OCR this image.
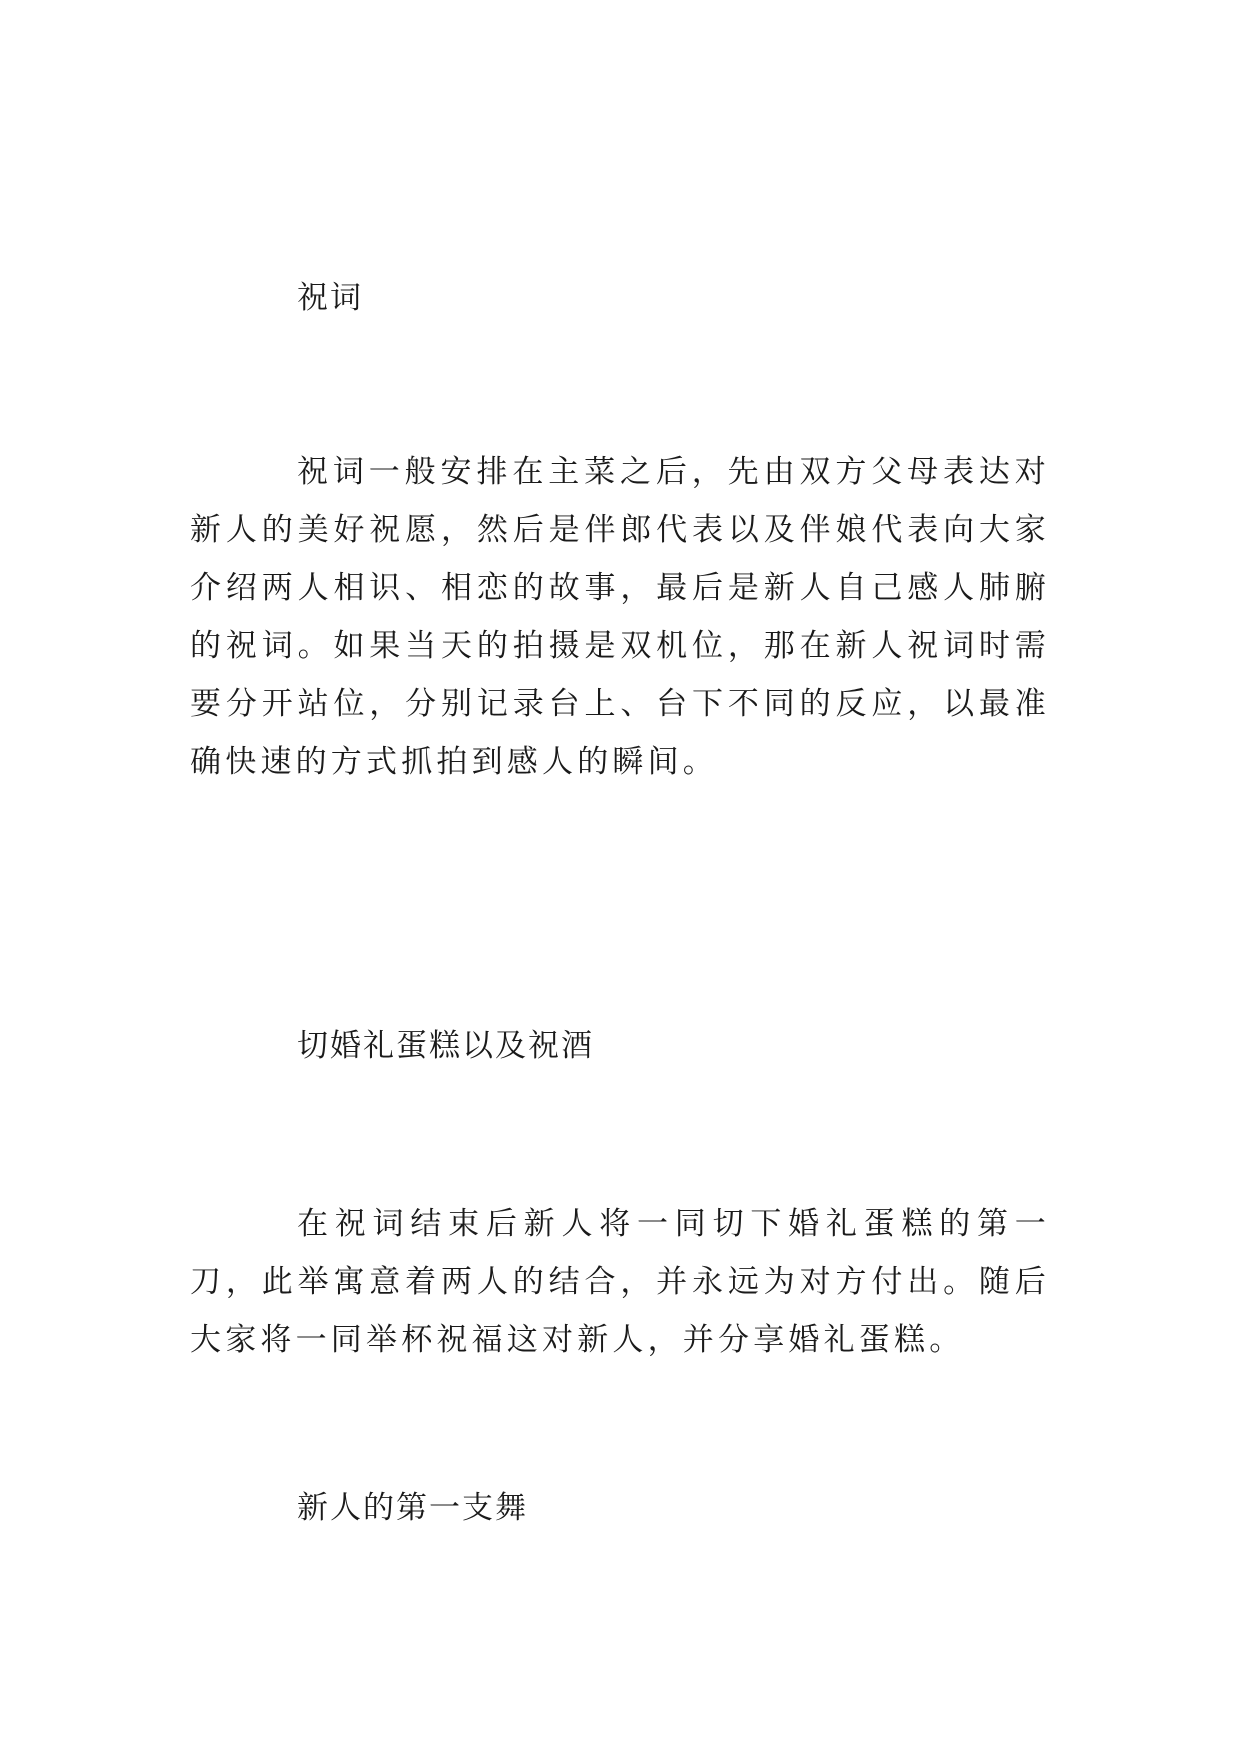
祝词
祝词一般安排在主菜之后，先由双方父母表达对新人的美好祝愿，然后是伴郎代表以及伴娘代表向大家介绍两人相识、相恋的故事，最后是新人自己感人肺腑的祝词。如果当天的拍摄是双机位，那在新人祝词时需要分开站位，分别记录台上、台下不同的反应，以最准确快速的方式抓拍到感人的瞬间。
切婚礼蛋糕以及祝酒
在祝词结束后新人将一同切下婚礼蛋糕的第一刀，此举寓意着两人的结合，并永远为对方付出。随后大家将一同举杯祝福这对新人，并分享婚礼蛋糕。
新人的第一支舞
